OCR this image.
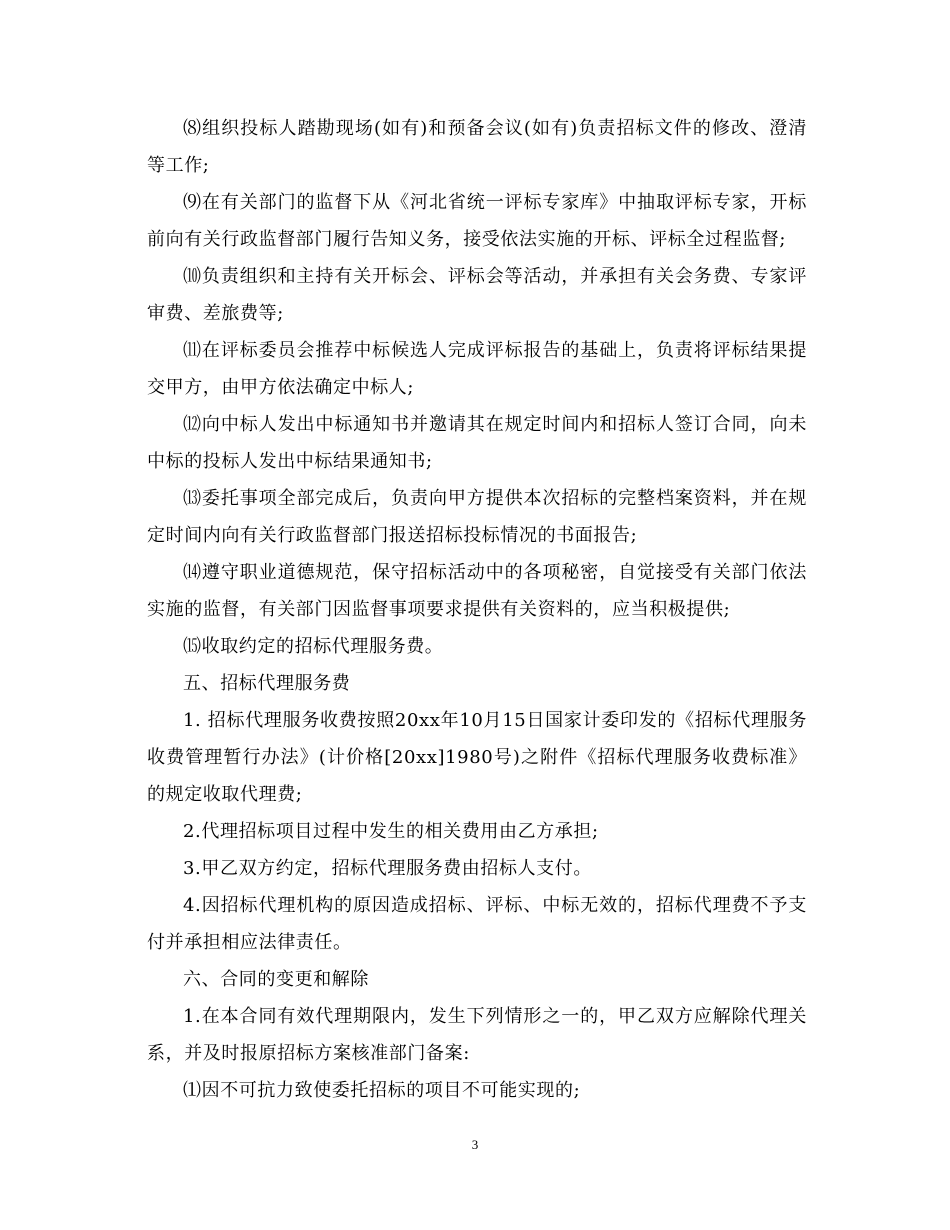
⑻组织投标人踏勘现场(如有)和预备会议(如有)负责招标文件的修改、澄清等工作;

⑼在有关部门的监督下从《河北省统一评标专家库》中抽取评标专家，开标前向有关行政监督部门履行告知义务，接受依法实施的开标、评标全过程监督;

⑽负责组织和主持有关开标会、评标会等活动，并承担有关会务费、专家评审费、差旅费等;

⑾在评标委员会推荐中标候选人完成评标报告的基础上，负责将评标结果提交甲方，由甲方依法确定中标人;

⑿向中标人发出中标通知书并邀请其在规定时间内和招标人签订合同，向未中标的投标人发出中标结果通知书;

⒀委托事项全部完成后，负责向甲方提供本次招标的完整档案资料，并在规定时间内向有关行政监督部门报送招标投标情况的书面报告;

⒁遵守职业道德规范，保守招标活动中的各项秘密，自觉接受有关部门依法实施的监督，有关部门因监督事项要求提供有关资料的，应当积极提供;

⒂收取约定的招标代理服务费。

五、招标代理服务费

1. 招标代理服务收费按照20xx年10月15日国家计委印发的《招标代理服务收费管理暂行办法》(计价格[20xx]1980号)之附件《招标代理服务收费标准》的规定收取代理费;

2.代理招标项目过程中发生的相关费用由乙方承担;

3.甲乙双方约定，招标代理服务费由招标人支付。

4.因招标代理机构的原因造成招标、评标、中标无效的，招标代理费不予支付并承担相应法律责任。

六、合同的变更和解除

1.在本合同有效代理期限内，发生下列情形之一的，甲乙双方应解除代理关系，并及时报原招标方案核准部门备案:

⑴因不可抗力致使委托招标的项目不可能实现的;

3
